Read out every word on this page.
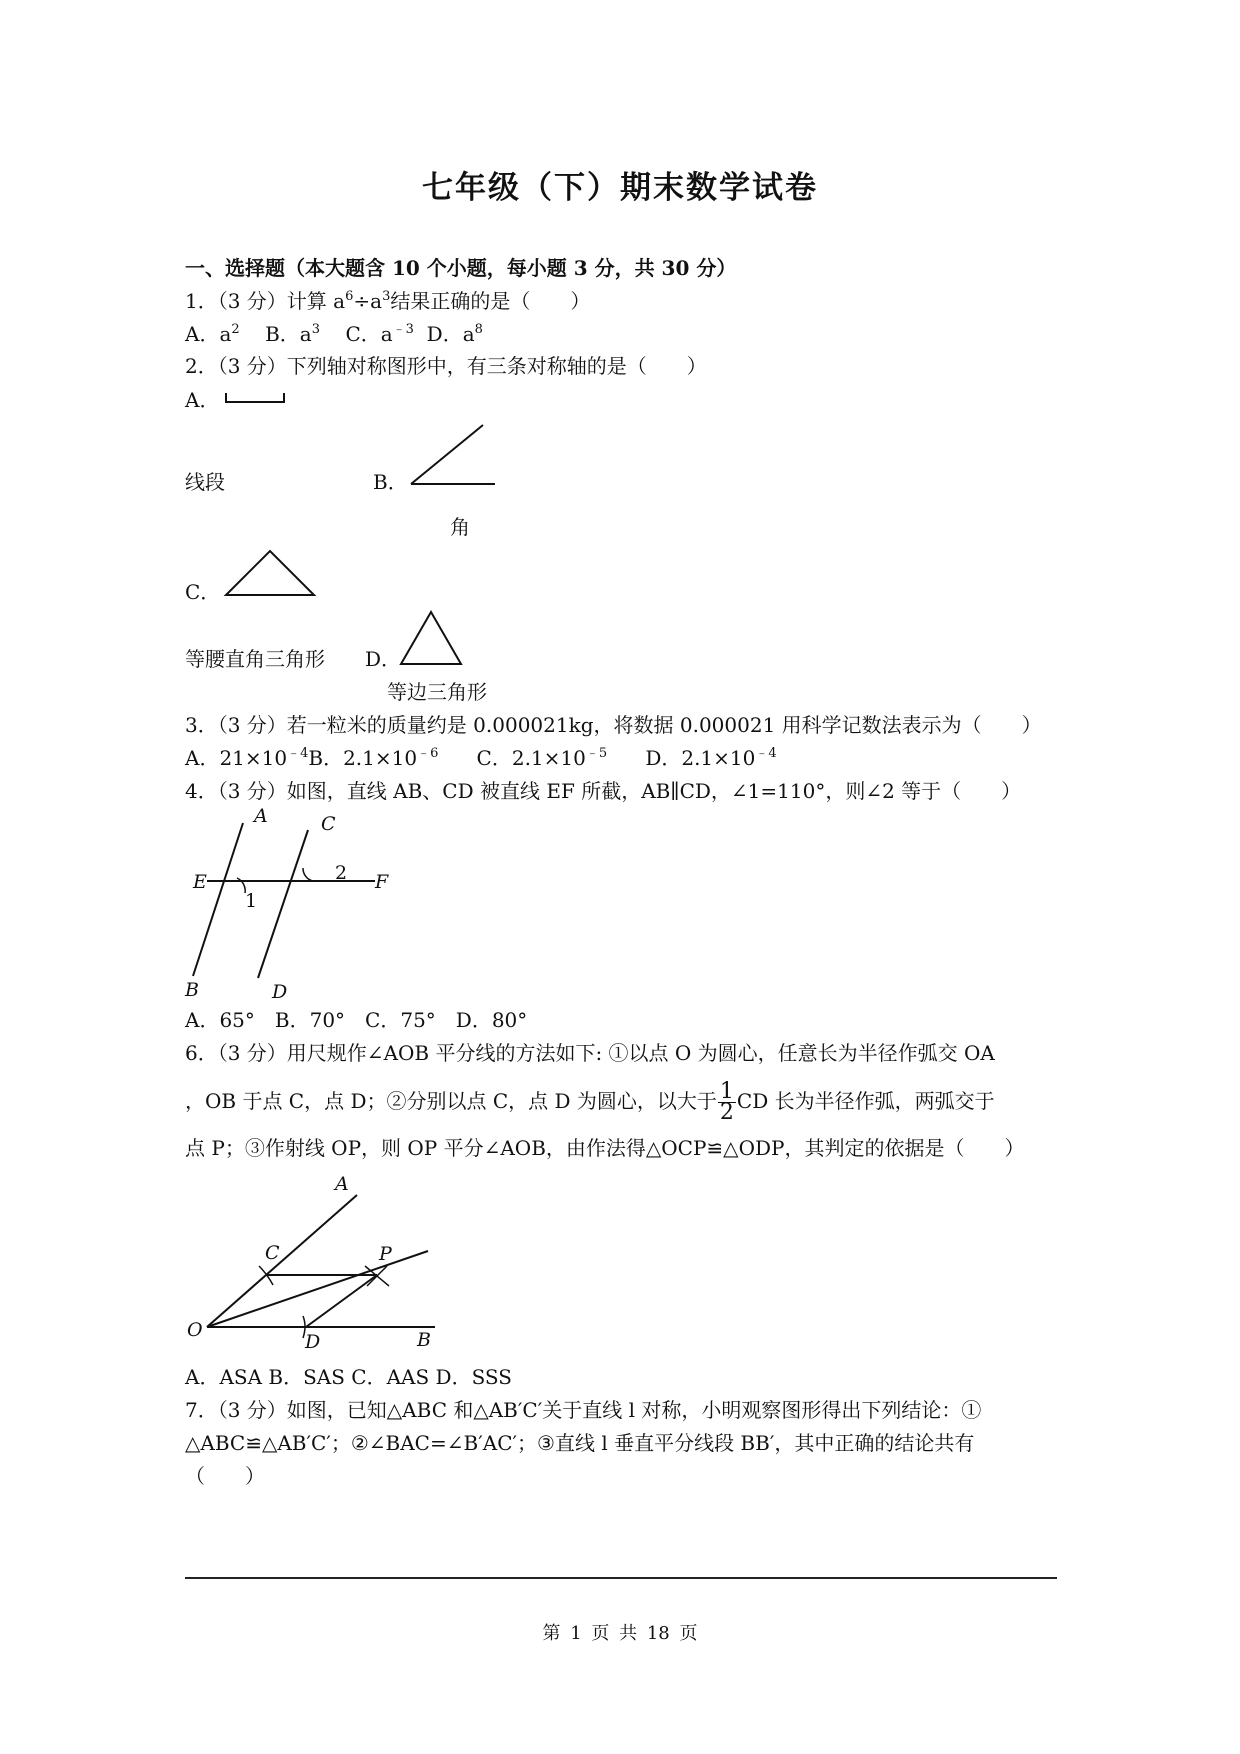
七年级（下）期末数学试卷
一、选择题（本大题含 10 个小题，每小题 3 分，共 30 分）
1．（3 分）计算 $a^6\div a^3$结果正确的是（　　）
A．$a^2$ B．$a^3$ C．$a^{﹣3}$ D．$a^8$
2．（3 分）下列轴对称图形中，有三条对称轴的是（　　）
A．
线段	B．
角
C．
等腰直角三角形 D．
等边三角形
3．（3 分）若一粒米的质量约是 0.000021kg，将数据 0.000021 用科学记数法表示为（　　）
A．$21\times 10^{﹣4}B$．$2.1\times 10^{﹣6}$ C．$2.1\times 10^{﹣5}$ D．$2.1\times 10^{﹣4}$
4．（3 分）如图，直线 AB、CD 被直线 EF 所截，AB∥CD，∠1=110°，则∠2 等于（　　）
A
B
C
D
E	F
1
2
A．65°　B．70°　C．75°　D．80°
6．（3 分）用尺规作∠AOB 平分线的方法如下: ①以点 O 为圆心，任意长为半径作弧交 OA
，OB 于点 C，点 D；②分别以点 C，点 D 为圆心，以大于 $\frac{1}{2}$ CD 长为半径作弧，两弧交于
点 P；③作射线 OP，则 OP 平分∠AOB，由作法得△OCP≌△ODP，其判定的依据是（　　）
A
B
C
D
O
P
A．ASA B．SAS C．AAS D．SSS
7．（3 分）如图，已知△ABC 和△AB′C′关于直线 l 对称，小明观察图形得出下列结论：①
△ABC≌△AB′C′；②∠BAC=∠B′AC′；③直线 l 垂直平分线段 BB′，其中正确的结论共有
（　　）
第 1 页 共 18 页
